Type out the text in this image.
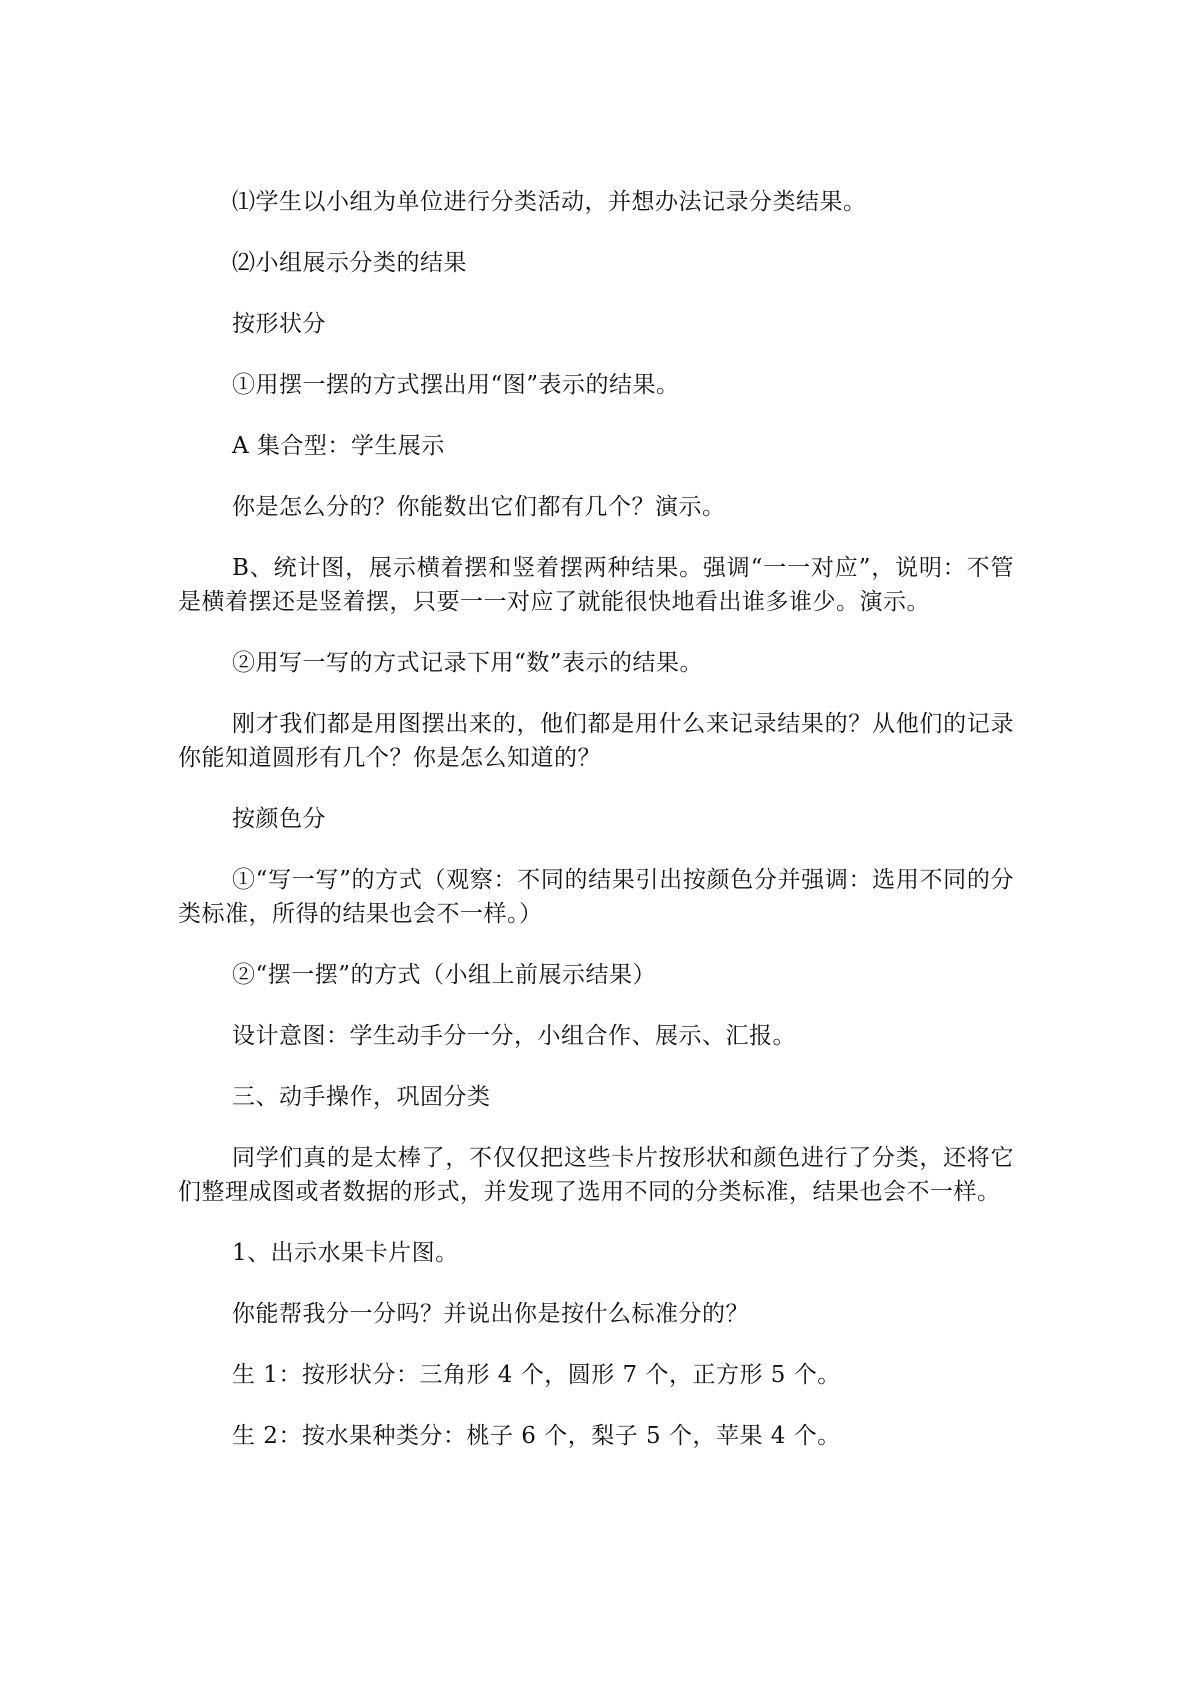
⑴学生以小组为单位进行分类活动，并想办法记录分类结果。

⑵小组展示分类的结果

按形状分

①用摆一摆的方式摆出用“图”表示的结果。

A 集合型：学生展示

你是怎么分的？你能数出它们都有几个？演示。

B、统计图，展示横着摆和竖着摆两种结果。强调“一一对应”，说明：不管是横着摆还是竖着摆，只要一一对应了就能很快地看出谁多谁少。演示。

②用写一写的方式记录下用“数”表示的结果。

刚才我们都是用图摆出来的，他们都是用什么来记录结果的？从他们的记录你能知道圆形有几个？你是怎么知道的？

按颜色分

①“写一写”的方式（观察：不同的结果引出按颜色分并强调：选用不同的分类标准，所得的结果也会不一样。）

②“摆一摆”的方式（小组上前展示结果）

设计意图：学生动手分一分，小组合作、展示、汇报。

三、动手操作，巩固分类

同学们真的是太棒了，不仅仅把这些卡片按形状和颜色进行了分类，还将它们整理成图或者数据的形式，并发现了选用不同的分类标准，结果也会不一样。

1、出示水果卡片图。

你能帮我分一分吗？并说出你是按什么标准分的？

生 1：按形状分：三角形 4 个，圆形 7 个，正方形 5 个。

生 2：按水果种类分：桃子 6 个，梨子 5 个，苹果 4 个。
